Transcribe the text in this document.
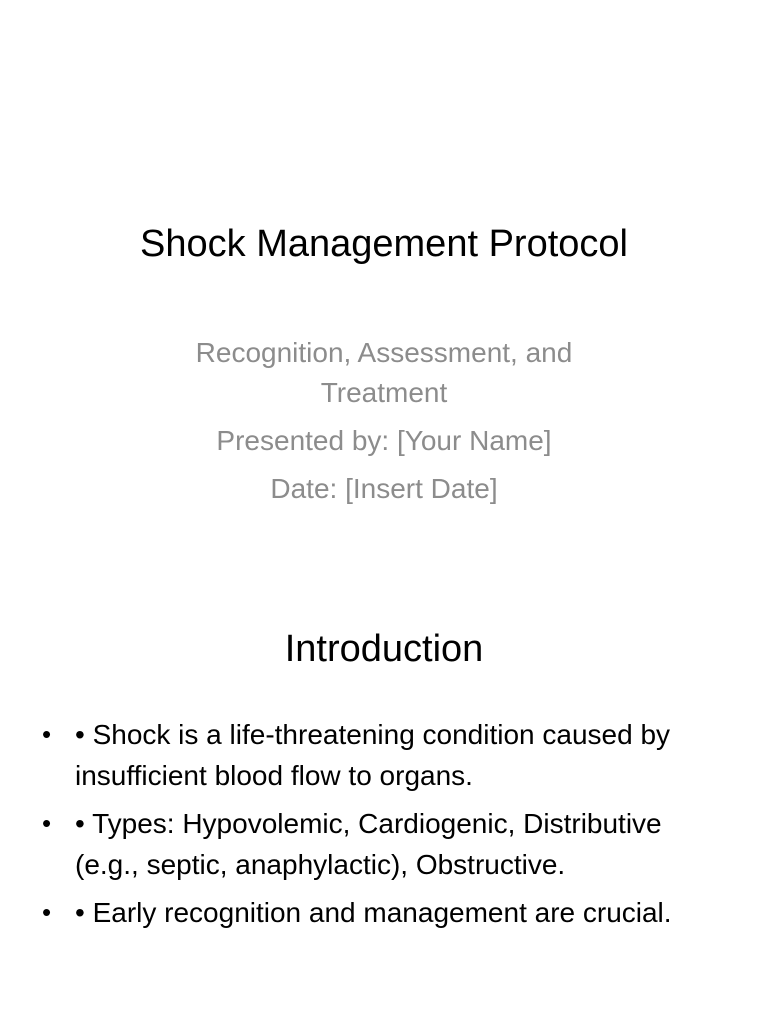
Shock Management Protocol
Recognition, Assessment, and Treatment
Presented by: [Your Name]
Date: [Insert Date]
Introduction
• • Shock is a life-threatening condition caused by insufficient blood flow to organs.
• • Types: Hypovolemic, Cardiogenic, Distributive (e.g., septic, anaphylactic), Obstructive.
• • Early recognition and management are crucial.
